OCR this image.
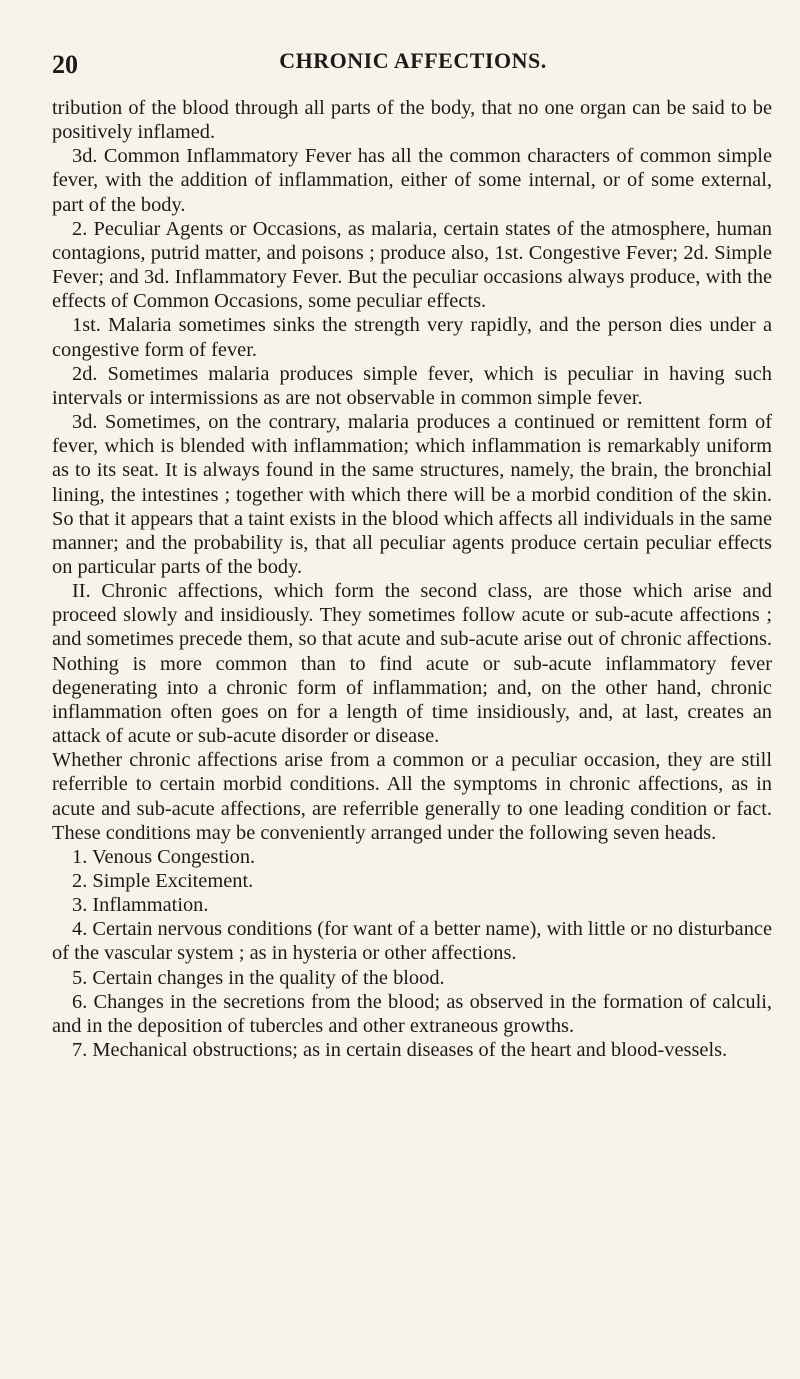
20	CHRONIC AFFECTIONS.

tribution of the blood through all parts of the body, that no one organ can be said to be positively inflamed.

3d. Common Inflammatory Fever has all the common characters of common simple fever, with the addition of inflammation, either of some internal, or of some external, part of the body.

2. Peculiar Agents or Occasions, as malaria, certain states of the atmosphere, human contagions, putrid matter, and poisons ; produce also, 1st. Congestive Fever; 2d. Simple Fever; and 3d. Inflammatory Fever. But the peculiar occasions always produce, with the effects of Common Occasions, some peculiar effects.

1st. Malaria sometimes sinks the strength very rapidly, and the person dies under a congestive form of fever.

2d. Sometimes malaria produces simple fever, which is peculiar in having such intervals or intermissions as are not observable in common simple fever.

3d. Sometimes, on the contrary, malaria produces a continued or remittent form of fever, which is blended with inflammation; which inflammation is remarkably uniform as to its seat. It is always found in the same structures, namely, the brain, the bronchial lining, the intestines ; together with which there will be a morbid condition of the skin. So that it appears that a taint exists in the blood which affects all individuals in the same manner; and the probability is, that all peculiar agents produce certain peculiar effects on particular parts of the body.

II. Chronic affections, which form the second class, are those which arise and proceed slowly and insidiously. They sometimes follow acute or sub-acute affections ; and sometimes precede them, so that acute and sub-acute arise out of chronic affections. Nothing is more common than to find acute or sub-acute inflammatory fever degenerating into a chronic form of inflammation; and, on the other hand, chronic inflammation often goes on for a length of time insidiously, and, at last, creates an attack of acute or sub-acute disorder or disease.

Whether chronic affections arise from a common or a peculiar occasion, they are still referrible to certain morbid conditions. All the symptoms in chronic affections, as in acute and sub-acute affections, are referrible generally to one leading condition or fact. These conditions may be conveniently arranged under the following seven heads.

1. Venous Congestion.

2. Simple Excitement.

3. Inflammation.

4. Certain nervous conditions (for want of a better name), with little or no disturbance of the vascular system ; as in hysteria or other affections.

5. Certain changes in the quality of the blood.

6. Changes in the secretions from the blood; as observed in the formation of calculi, and in the deposition of tubercles and other extraneous growths.

7. Mechanical obstructions; as in certain diseases of the heart and blood-vessels.
